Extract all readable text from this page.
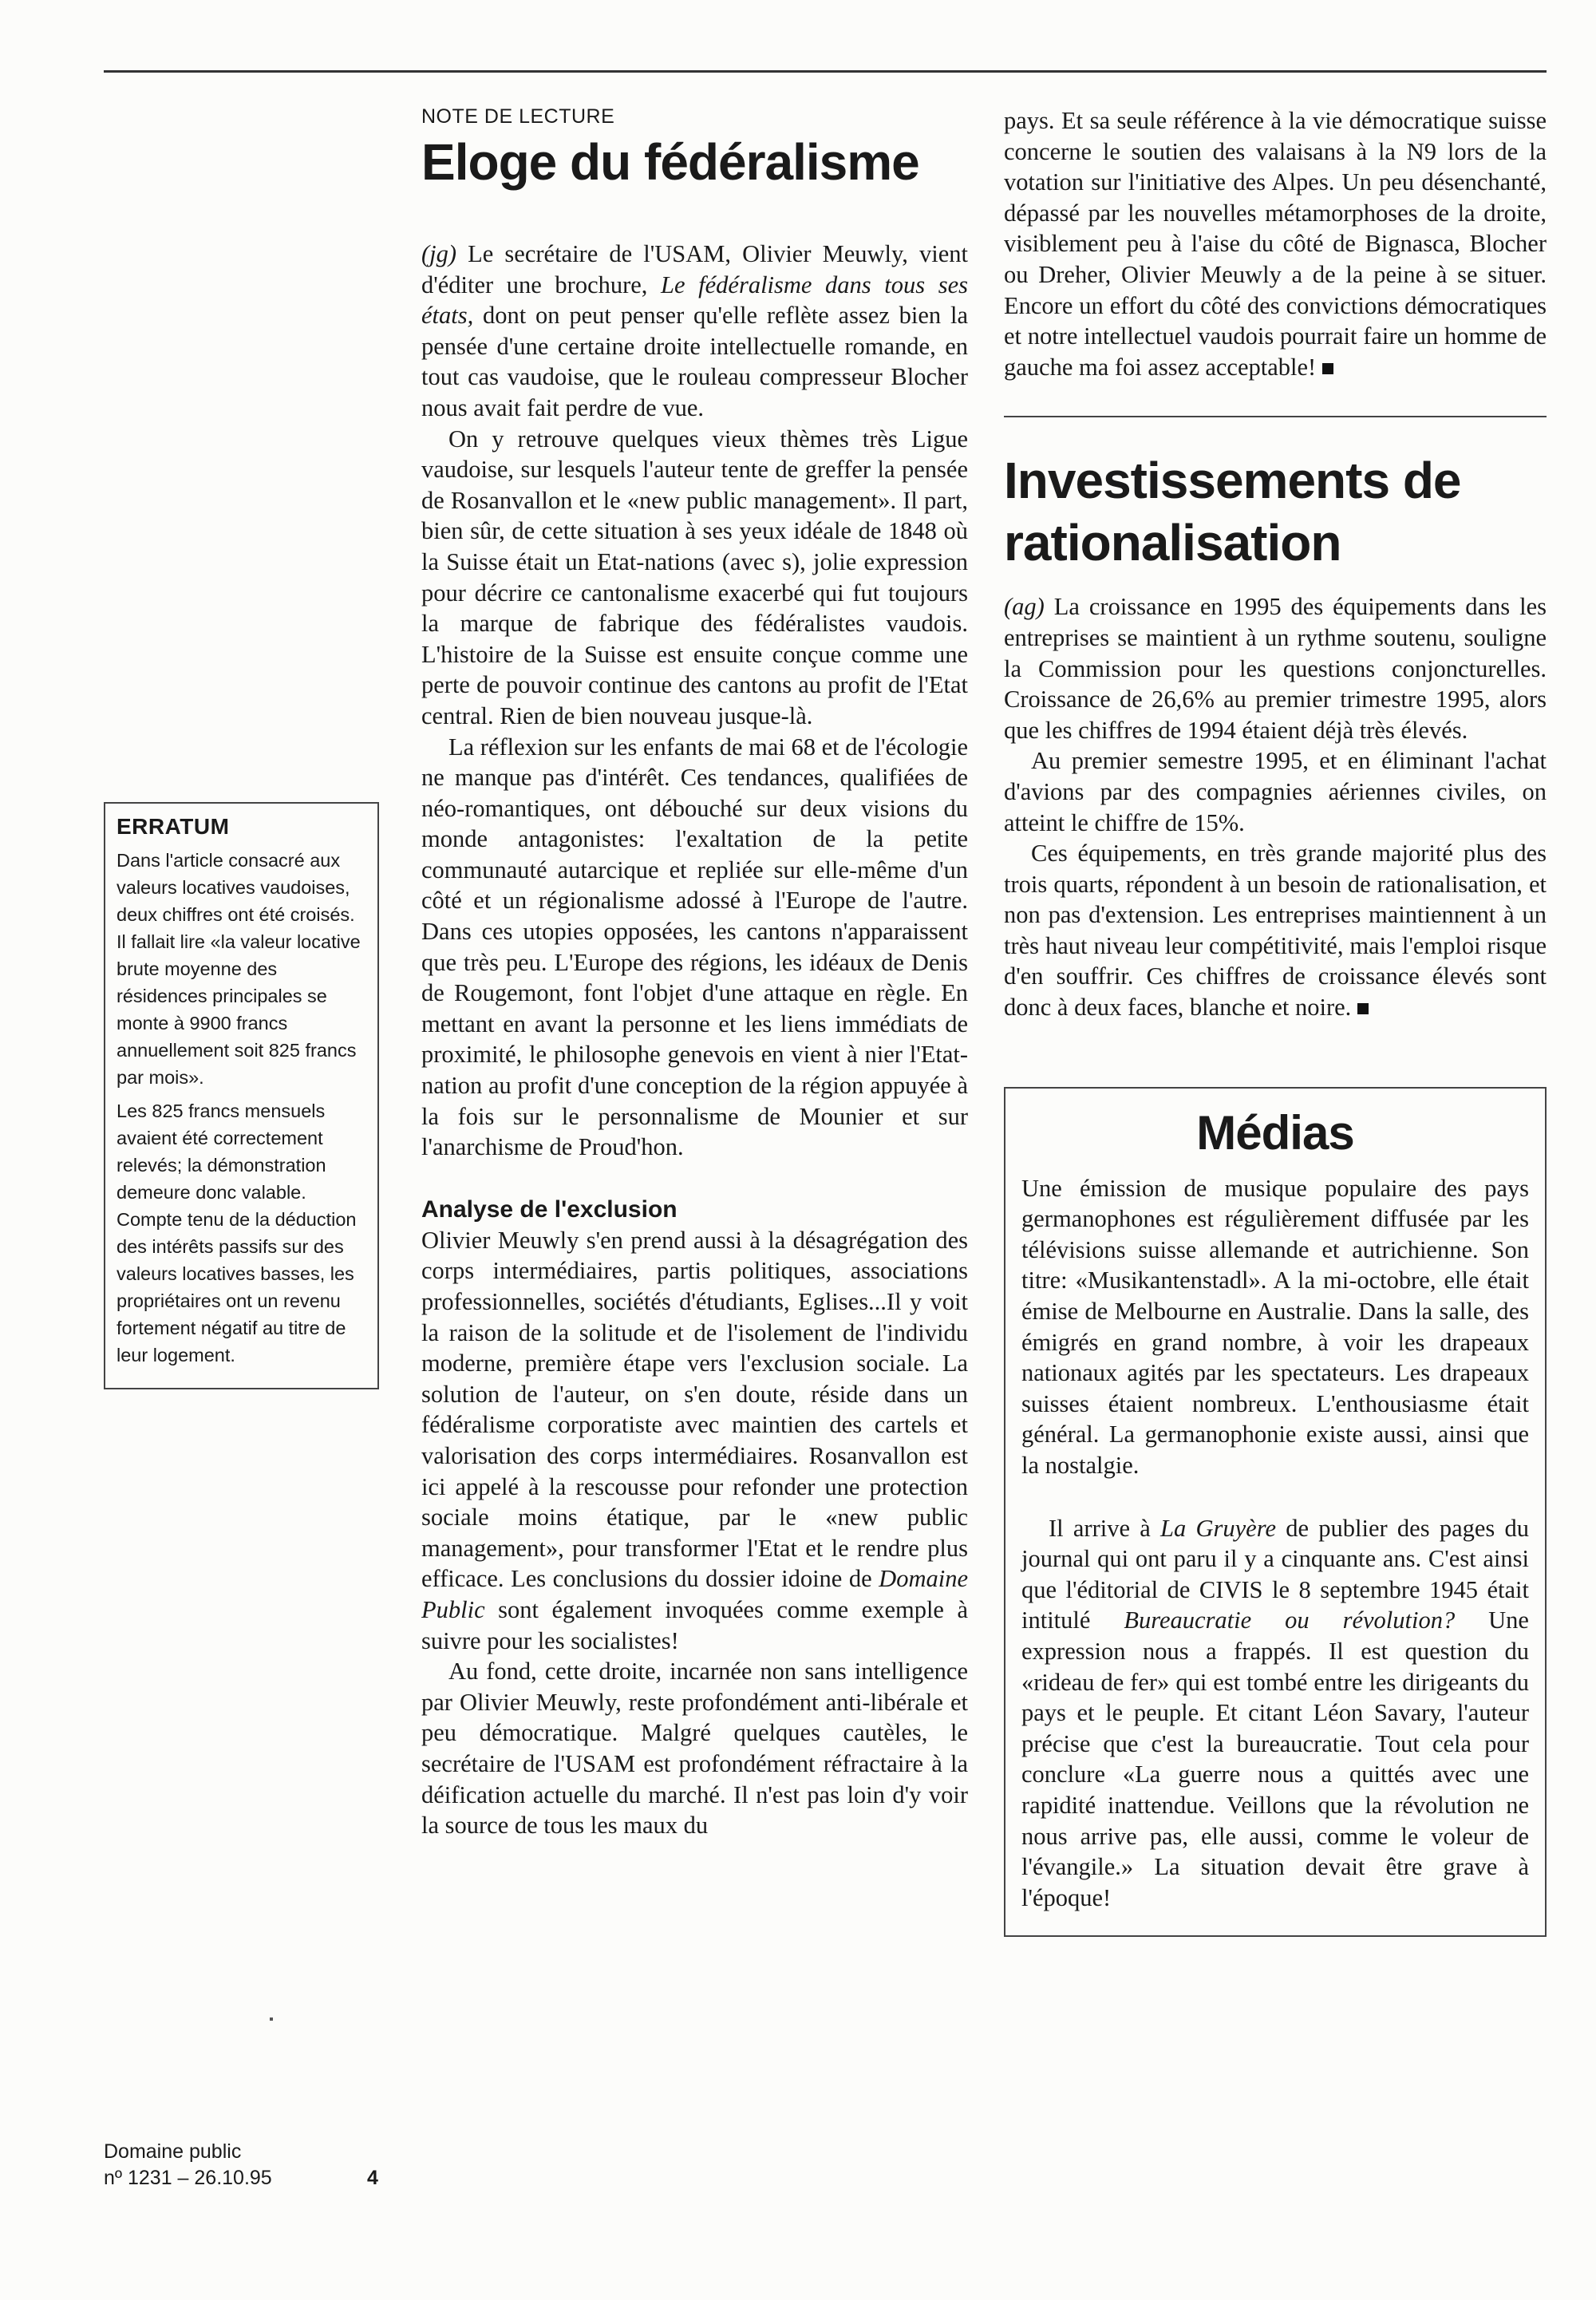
ERRATUM

Dans l'article consacré aux valeurs locatives vaudoises, deux chiffres ont été croisés. Il fallait lire «la valeur locative brute moyenne des résidences principales se monte à 9900 francs annuellement soit 825 francs par mois».

Les 825 francs mensuels avaient été correctement relevés; la démonstration demeure donc valable. Compte tenu de la déduction des intérêts passifs sur des valeurs locatives basses, les propriétaires ont un revenu fortement négatif au titre de leur logement.

Domaine public
nº 1231 – 26.10.95	4
NOTE DE LECTURE
Eloge du fédéralisme

(jg) Le secrétaire de l'USAM, Olivier Meuwly, vient d'éditer une brochure, Le fédéralisme dans tous ses états, dont on peut penser qu'elle reflète assez bien la pensée d'une certaine droite intellectuelle romande, en tout cas vaudoise, que le rouleau compresseur Blocher nous avait fait perdre de vue.

On y retrouve quelques vieux thèmes très Ligue vaudoise, sur lesquels l'auteur tente de greffer la pensée de Rosanvallon et le «new public management». Il part, bien sûr, de cette situation à ses yeux idéale de 1848 où la Suisse était un Etat-nations (avec s), jolie expression pour décrire ce cantonalisme exacerbé qui fut toujours la marque de fabrique des fédéralistes vaudois. L'histoire de la Suisse est ensuite conçue comme une perte de pouvoir continue des cantons au profit de l'Etat central. Rien de bien nouveau jusque-là.

La réflexion sur les enfants de mai 68 et de l'écologie ne manque pas d'intérêt. Ces tendances, qualifiées de néo-romantiques, ont débouché sur deux visions du monde antagonistes: l'exaltation de la petite communauté autarcique et repliée sur elle-même d'un côté et un régionalisme adossé à l'Europe de l'autre. Dans ces utopies opposées, les cantons n'apparaissent que très peu. L'Europe des régions, les idéaux de Denis de Rougemont, font l'objet d'une attaque en règle. En mettant en avant la personne et les liens immédiats de proximité, le philosophe genevois en vient à nier l'Etat-nation au profit d'une conception de la région appuyée à la fois sur le personnalisme de Mounier et sur l'anarchisme de Proud'hon.

Analyse de l'exclusion

Olivier Meuwly s'en prend aussi à la désagrégation des corps intermédiaires, partis politiques, associations professionnelles, sociétés d'étudiants, Eglises...Il y voit la raison de la solitude et de l'isolement de l'individu moderne, première étape vers l'exclusion sociale. La solution de l'auteur, on s'en doute, réside dans un fédéralisme corporatiste avec maintien des cartels et valorisation des corps intermédiaires. Rosanvallon est ici appelé à la rescousse pour refonder une protection sociale moins étatique, par le «new public management», pour transformer l'Etat et le rendre plus efficace. Les conclusions du dossier idoine de Domaine Public sont également invoquées comme exemple à suivre pour les socialistes!

Au fond, cette droite, incarnée non sans intelligence par Olivier Meuwly, reste profondément anti-libérale et peu démocratique. Malgré quelques cautèles, le secrétaire de l'USAM est profondément réfractaire à la déification actuelle du marché. Il n'est pas loin d'y voir la source de tous les maux du

pays. Et sa seule référence à la vie démocratique suisse concerne le soutien des valaisans à la N9 lors de la votation sur l'initiative des Alpes. Un peu désenchanté, dépassé par les nouvelles métamorphoses de la droite, visiblement peu à l'aise du côté de Bignasca, Blocher ou Dreher, Olivier Meuwly a de la peine à se situer. Encore un effort du côté des convictions démocratiques et notre intellectuel vaudois pourrait faire un homme de gauche ma foi assez acceptable!

Investissements de rationalisation

(ag) La croissance en 1995 des équipements dans les entreprises se maintient à un rythme soutenu, souligne la Commission pour les questions conjoncturelles. Croissance de 26,6% au premier trimestre 1995, alors que les chiffres de 1994 étaient déjà très élevés.

Au premier semestre 1995, et en éliminant l'achat d'avions par des compagnies aériennes civiles, on atteint le chiffre de 15%.

Ces équipements, en très grande majorité plus des trois quarts, répondent à un besoin de rationalisation, et non pas d'extension. Les entreprises maintiennent à un très haut niveau leur compétitivité, mais l'emploi risque d'en souffrir. Ces chiffres de croissance élevés sont donc à deux faces, blanche et noire.

Médias

Une émission de musique populaire des pays germanophones est régulièrement diffusée par les télévisions suisse allemande et autrichienne. Son titre: «Musikantenstadl». A la mi-octobre, elle était émise de Melbourne en Australie. Dans la salle, des émigrés en grand nombre, à voir les drapeaux nationaux agités par les spectateurs. Les drapeaux suisses étaient nombreux. L'enthousiasme était général. La germanophonie existe aussi, ainsi que la nostalgie.

Il arrive à La Gruyère de publier des pages du journal qui ont paru il y a cinquante ans. C'est ainsi que l'éditorial de CIVIS le 8 septembre 1945 était intitulé Bureaucratie ou révolution? Une expression nous a frappés. Il est question du «rideau de fer» qui est tombé entre les dirigeants du pays et le peuple. Et citant Léon Savary, l'auteur précise que c'est la bureaucratie. Tout cela pour conclure «La guerre nous a quittés avec une rapidité inattendue. Veillons que la révolution ne nous arrive pas, elle aussi, comme le voleur de l'évangile.» La situation devait être grave à l'époque!
